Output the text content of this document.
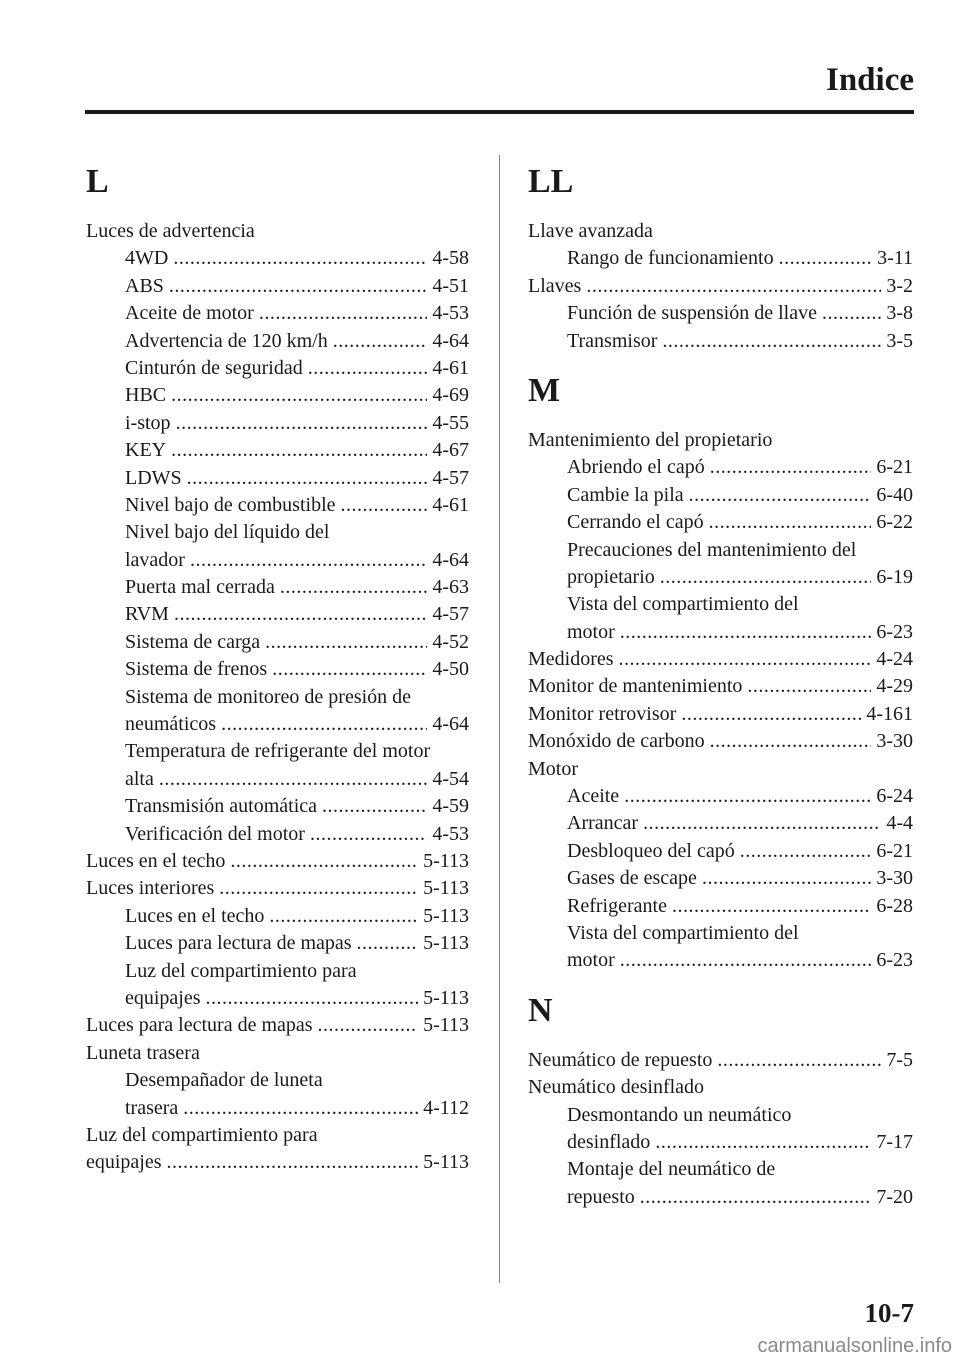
Indice
L
Luces de advertencia
4WD .....	4-58
ABS .....	4-51
Aceite de motor .....	4-53
Advertencia de 120 km/h .....	4-64
Cinturón de seguridad .....	4-61
HBC .....	4-69
i-stop .....	4-55
KEY .....	4-67
LDWS .....	4-57
Nivel bajo de combustible .....	4-61
Nivel bajo del líquido del
lavador .....	4-64
Puerta mal cerrada .....	4-63
RVM .....	4-57
Sistema de carga .....	4-52
Sistema de frenos .....	4-50
Sistema de monitoreo de presión de
neumáticos .....	4-64
Temperatura de refrigerante del motor
alta .....	4-54
Transmisión automática .....	4-59
Verificación del motor .....	4-53
Luces en el techo .....	5-113
Luces interiores .....	5-113
Luces en el techo .....	5-113
Luces para lectura de mapas .....	5-113
Luz del compartimiento para
equipajes .....	5-113
Luces para lectura de mapas .....	5-113
Luneta trasera
Desempañador de luneta
trasera .....	4-112
Luz del compartimiento para
equipajes .....	5-113
LL
Llave avanzada
Rango de funcionamiento .....	3-11
Llaves .....	3-2
Función de suspensión de llave .....	3-8
Transmisor .....	3-5
M
Mantenimiento del propietario
Abriendo el capó .....	6-21
Cambie la pila .....	6-40
Cerrando el capó .....	6-22
Precauciones del mantenimiento del
propietario .....	6-19
Vista del compartimiento del
motor .....	6-23
Medidores .....	4-24
Monitor de mantenimiento .....	4-29
Monitor retrovisor .....	4-161
Monóxido de carbono .....	3-30
Motor
Aceite .....	6-24
Arrancar .....	4-4
Desbloqueo del capó .....	6-21
Gases de escape .....	3-30
Refrigerante .....	6-28
Vista del compartimiento del
motor .....	6-23
N
Neumático de repuesto .....	7-5
Neumático desinflado
Desmontando un neumático
desinflado .....	7-17
Montaje del neumático de
repuesto .....	7-20
10-7
carmanualsonline.info
